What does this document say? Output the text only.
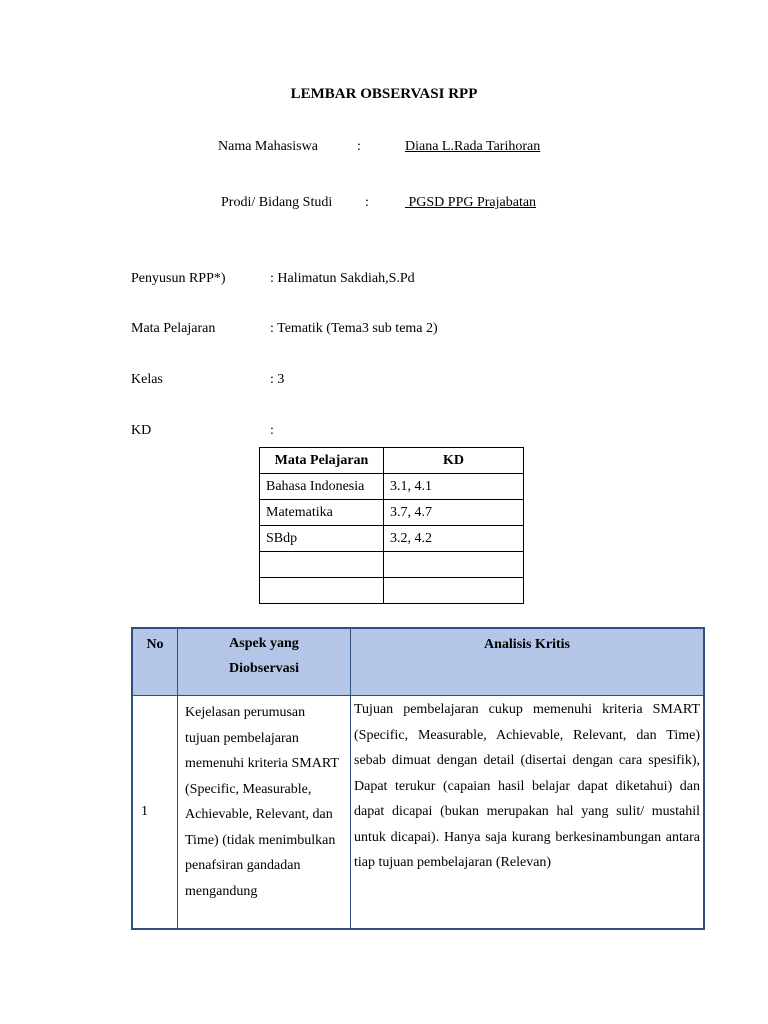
LEMBAR OBSERVASI RPP
Nama Mahasiswa	:	Diana L.Rada Tarihoran
Prodi/ Bidang Studi :	PGSD PPG Prajabatan
Penyusun RPP*)	: Halimatun Sakdiah,S.Pd
Mata Pelajaran	: Tematik (Tema3 sub tema 2)
Kelas	: 3
KD	:
Mata Pelajaran	KD
Bahasa Indonesia	3.1, 4.1
Matematika	3.7, 4.7
SBdp	3.2, 4.2

No	Aspek yang Diobservasi	Analisis Kritis
1	Kejelasan perumusan tujuan pembelajaran memenuhi kriteria SMART (Specific, Measurable, Achievable, Relevant, dan Time) (tidak menimbulkan penafsiran gandadan mengandung	Tujuan pembelajaran cukup memenuhi kriteria SMART (Specific, Measurable, Achievable, Relevant, dan Time) sebab dimuat dengan detail (disertai dengan cara spesifik), Dapat terukur (capaian hasil belajar dapat diketahui) dan dapat dicapai (bukan merupakan hal yang sulit/ mustahil untuk dicapai). Hanya saja kurang berkesinambungan antara tiap tujuan pembelajaran (Relevan)
